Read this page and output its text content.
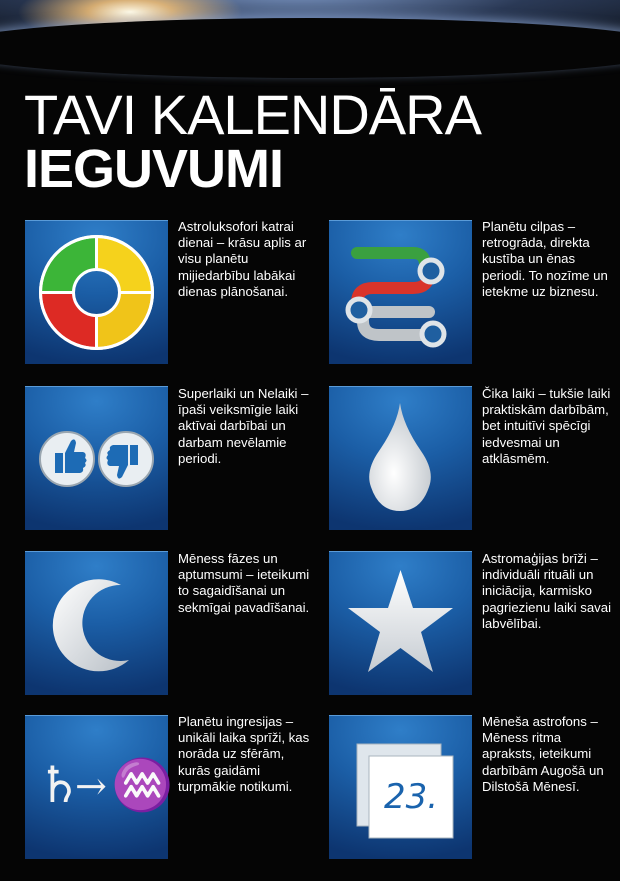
TAVI KALENDĀRA
IEGUVUMI
Astroluksofori katrai dienai – krāsu aplis ar visu planētu mijiedarbību labākai dienas plānošanai.
Planētu cilpas – retrogrāda, direkta kustība un ēnas periodi. To nozīme un ietekme uz biznesu.
Superlaiki un Nelaiki – īpaši veiksmīgie laiki aktīvai darbībai un darbam nevēlamie periodi.
Čika laiki – tukšie laiki praktiskām darbībām, bet intuitīvi spēcīgi iedvesmai un atklāsmēm.
Mēness fāzes un aptumsumi – ieteikumi to sagaidīšanai un sekmīgai pavadīšanai.
Astromaģijas brīži – individuāli rituāli un iniciācija, karmisko pagriezienu laiki savai labvēlībai.
♄
→ ♒
Planētu ingresijas – unikāli laika sprīži, kas norāda uz sfērām, kurās gaidāmi turpmākie notikumi.	23.
Mēneša astrofons – Mēness ritma apraksts, ieteikumi darbībām Augošā un Dilstošā Mēnesī.
